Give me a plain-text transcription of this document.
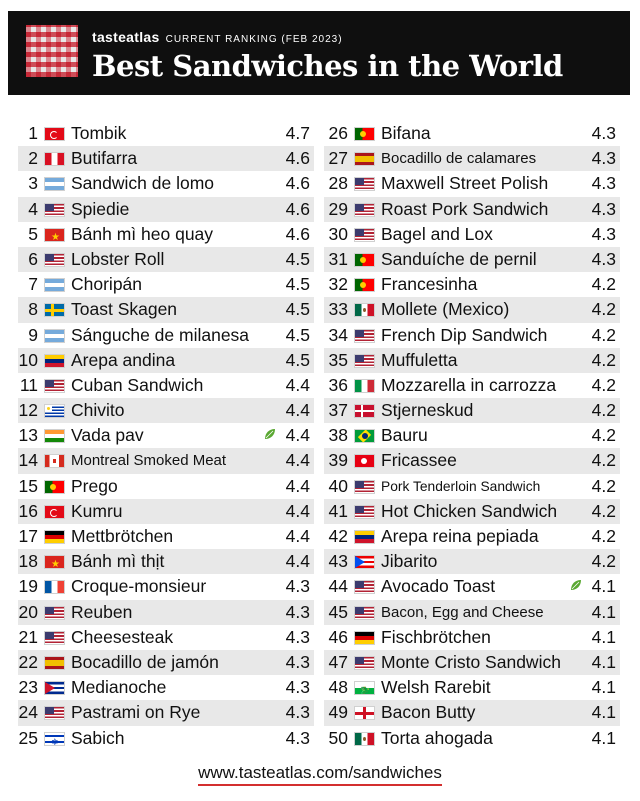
tasteatlas CURRENT RANKING (FEB 2023)
Best Sandwiches in the World
1 Tombik	4.7
2 Butifarra	4.6
3 Sandwich de lomo	4.6
4 Spiedie	4.6
5 ★ Bánh mì heo quay	4.6
6 Lobster Roll	4.5
7 Choripán	4.5
8 Toast Skagen	4.5
9 Sánguche de milanesa 4.5
10 Arepa andina	4.5
11 Cuban Sandwich	4.4
12 Chivito	4.4
13 Vada pav	4.4
14 Montreal Smoked Meat	4.4
15 Prego	4.4
16 Kumru	4.4
17 Mettbrötchen	4.4
18 ★ Bánh mì thịt	4.4
19 Croque-monsieur	4.3
20 Reuben	4.3
21 Cheesesteak	4.3
22 Bocadillo de jamón	4.3
23 Medianoche	4.3
24 Pastrami on Rye	4.3
25 ✡ Sabich	4.3
26 Bifana	4.3
27 Bocadillo de calamares	4.3
28 Maxwell Street Polish 4.3
29 Roast Pork Sandwich 4.3
30 Bagel and Lox	4.3
31 Sanduíche de pernil	4.3
32 Francesinha	4.2
33 Mollete (Mexico)	4.2
34 French Dip Sandwich	4.2
35 Muffuletta	4.2
36 Mozzarella in carrozza 4.2
37 Stjerneskud	4.2
38 Bauru	4.2
39 Fricassee	4.2
40 Pork Tenderloin Sandwich	4.2
41 Hot Chicken Sandwich 4.2
42 Arepa reina pepiada	4.2
43 Jibarito	4.2
44 Avocado Toast	4.1
45 Bacon, Egg and Cheese	4.1
46 Fischbrötchen	4.1
47 Monte Cristo Sandwich 4.1
48 🐉 Welsh Rarebit	4.1
49 Bacon Butty	4.1
50 Torta ahogada	4.1
www.tasteatlas.com/sandwiches
